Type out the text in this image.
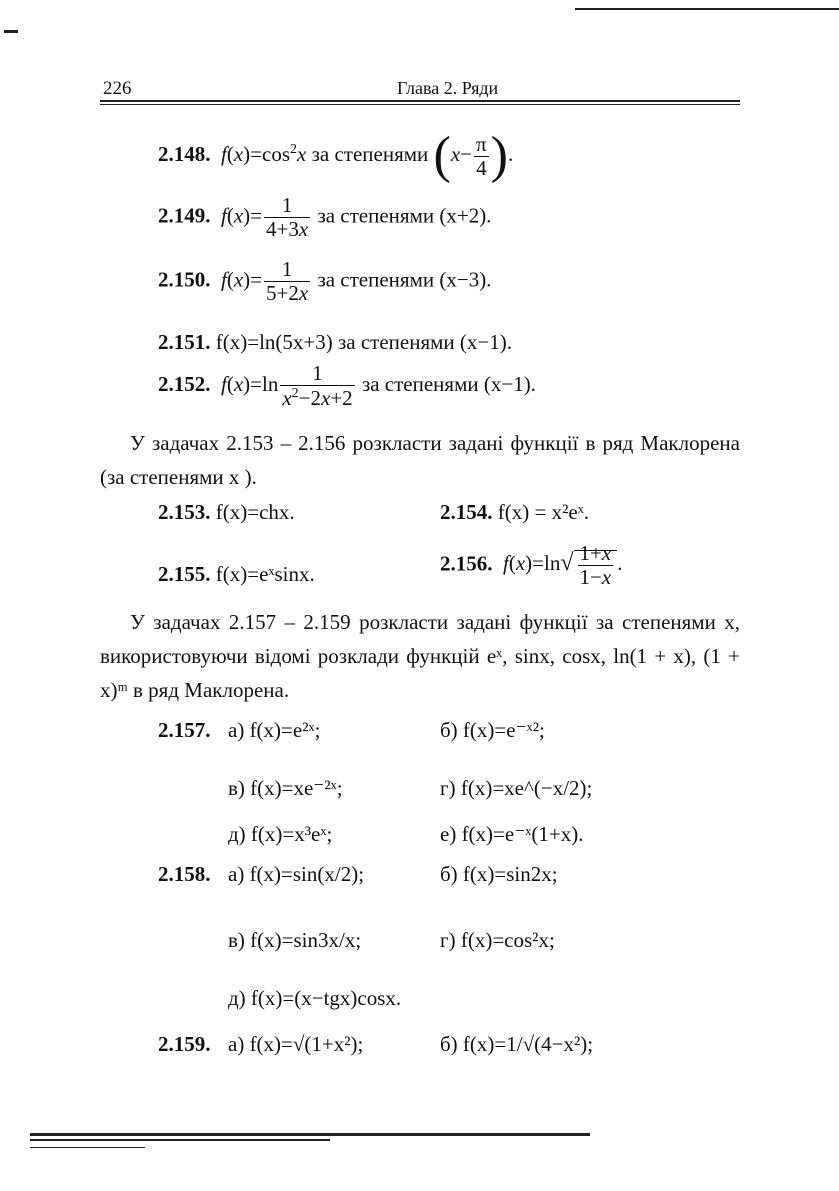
226	Глава 2. Ряди
2.148.  $f(x)=\cos^2x$ за степенями ($x- \frac{\pi}{4}$ ).
2.149.  $f(x)= \frac{1}{4+3x}$ за степенями (x+2).
2.150.  $f(x)= \frac{1}{5+2x}$ за степенями (x−3).
2.151. f(x)=ln(5x+3) за степенями (x−1).
2.152.  $f(x)=\ln \frac{1}{x^2-2x+2}$ за степенями (x−1).
У задачах 2.153 – 2.156 розкласти задані функції в ряд Маклорена (за степенями x ).
2.153. f(x)=chx.	2.154. f(x) = x²eˣ.
2.155. f(x)=eˣsinx.	2.156.  $f(x)=\ln√ \frac{1+x}{1-x}$ .
У задачах 2.157 – 2.159 розкласти задані функції за степенями x, використовуючи відомі розклади функцій eˣ, sinx, cosx, ln(1 + x), (1 + x)ᵐ в ряд Маклорена.
2.157. а) f(x)=e²ˣ;	б) f(x)=e⁻ˣ²;
в) f(x)=xe⁻²ˣ;	г) f(x)=xe^(−x/2);
д) f(x)=x³eˣ;	е) f(x)=e⁻ˣ(1+x).
2.158. а) f(x)=sin(x/2);	б) f(x)=sin2x;
в) f(x)=sin3x/x;	г) f(x)=cos²x;
д) f(x)=(x−tgx)cosx.
2.159. а) f(x)=√(1+x²);	б) f(x)=1/√(4−x²);
